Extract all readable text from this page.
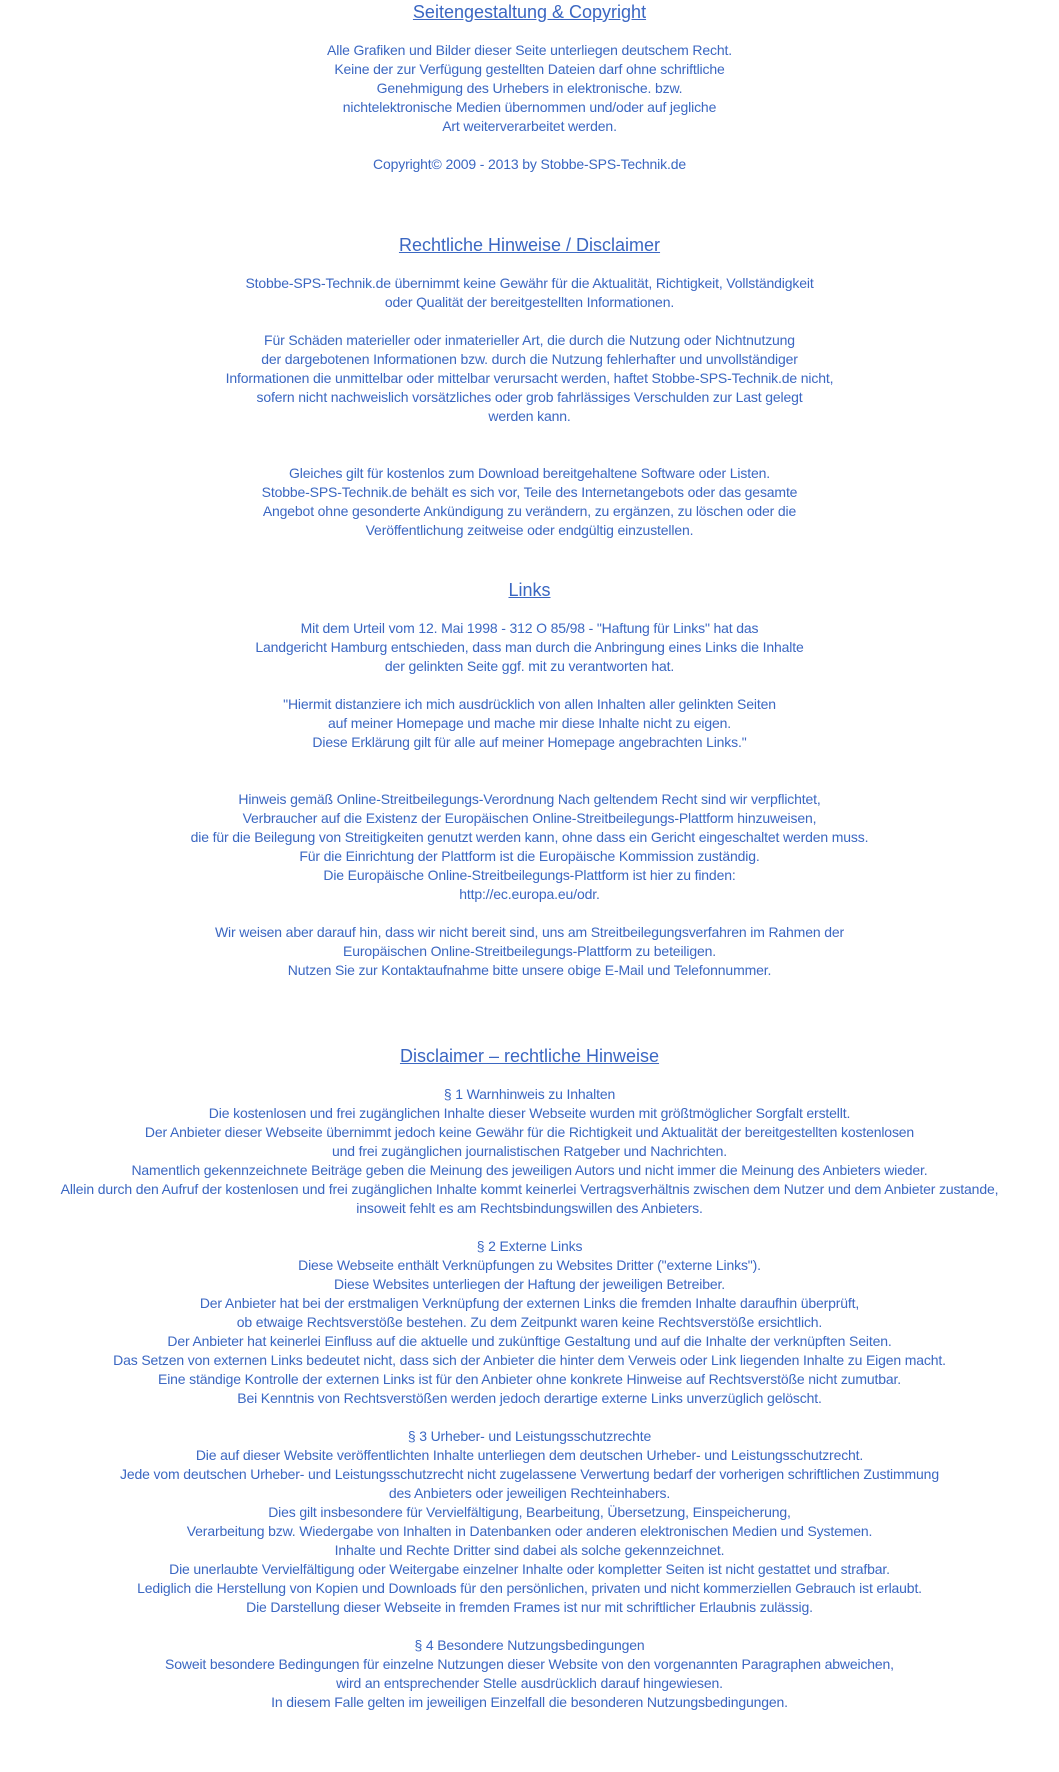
Seitengestaltung & Copyright
Alle Grafiken und Bilder dieser Seite unterliegen deutschem Recht.
Keine der zur Verfügung gestellten Dateien darf ohne schriftliche
Genehmigung des Urhebers in elektronische. bzw.
nichtelektronische Medien übernommen und/oder auf jegliche
Art weiterverarbeitet werden.
Copyright© 2009 - 2013 by Stobbe-SPS-Technik.de
Rechtliche Hinweise / Disclaimer
Stobbe-SPS-Technik.de übernimmt keine Gewähr für die Aktualität, Richtigkeit, Vollständigkeit
oder Qualität der bereitgestellten Informationen.
Für Schäden materieller oder inmaterieller Art, die durch die Nutzung oder Nichtnutzung
der dargebotenen Informationen bzw. durch die Nutzung fehlerhafter und unvollständiger
Informationen die unmittelbar oder mittelbar verursacht werden, haftet Stobbe-SPS-Technik.de nicht,
sofern nicht nachweislich vorsätzliches oder grob fahrlässiges Verschulden zur Last gelegt
werden kann.
Gleiches gilt für kostenlos zum Download bereitgehaltene Software oder Listen.
Stobbe-SPS-Technik.de behält es sich vor, Teile des Internetangebots oder das gesamte
Angebot ohne gesonderte Ankündigung zu verändern, zu ergänzen, zu löschen oder die
Veröffentlichung zeitweise oder endgültig einzustellen.
Links
Mit dem Urteil vom 12. Mai 1998 - 312 O 85/98 - "Haftung für Links" hat das
Landgericht Hamburg entschieden, dass man durch die Anbringung eines Links die Inhalte
der gelinkten Seite ggf. mit zu verantworten hat.
"Hiermit distanziere ich mich ausdrücklich von allen Inhalten aller gelinkten Seiten
auf meiner Homepage und mache mir diese Inhalte nicht zu eigen.
Diese Erklärung gilt für alle auf meiner Homepage angebrachten Links."
Hinweis gemäß Online-Streitbeilegungs-Verordnung Nach geltendem Recht sind wir verpflichtet,
Verbraucher auf die Existenz der Europäischen Online-Streitbeilegungs-Plattform hinzuweisen,
die für die Beilegung von Streitigkeiten genutzt werden kann, ohne dass ein Gericht eingeschaltet werden muss.
Für die Einrichtung der Plattform ist die Europäische Kommission zuständig.
Die Europäische Online-Streitbeilegungs-Plattform ist hier zu finden:
http://ec.europa.eu/odr.
Wir weisen aber darauf hin, dass wir nicht bereit sind, uns am Streitbeilegungsverfahren im Rahmen der
Europäischen Online-Streitbeilegungs-Plattform zu beteiligen.
Nutzen Sie zur Kontaktaufnahme bitte unsere obige E-Mail und Telefonnummer.
Disclaimer – rechtliche Hinweise
§ 1 Warnhinweis zu Inhalten
Die kostenlosen und frei zugänglichen Inhalte dieser Webseite wurden mit größtmöglicher Sorgfalt erstellt.
Der Anbieter dieser Webseite übernimmt jedoch keine Gewähr für die Richtigkeit und Aktualität der bereitgestellten kostenlosen
und frei zugänglichen journalistischen Ratgeber und Nachrichten.
Namentlich gekennzeichnete Beiträge geben die Meinung des jeweiligen Autors und nicht immer die Meinung des Anbieters wieder.
Allein durch den Aufruf der kostenlosen und frei zugänglichen Inhalte kommt keinerlei Vertragsverhältnis zwischen dem Nutzer und dem Anbieter zustande,
insoweit fehlt es am Rechtsbindungswillen des Anbieters.
§ 2 Externe Links
Diese Webseite enthält Verknüpfungen zu Websites Dritter ("externe Links").
Diese Websites unterliegen der Haftung der jeweiligen Betreiber.
Der Anbieter hat bei der erstmaligen Verknüpfung der externen Links die fremden Inhalte daraufhin überprüft,
ob etwaige Rechtsverstöße bestehen. Zu dem Zeitpunkt waren keine Rechtsverstöße ersichtlich.
Der Anbieter hat keinerlei Einfluss auf die aktuelle und zukünftige Gestaltung und auf die Inhalte der verknüpften Seiten.
Das Setzen von externen Links bedeutet nicht, dass sich der Anbieter die hinter dem Verweis oder Link liegenden Inhalte zu Eigen macht.
Eine ständige Kontrolle der externen Links ist für den Anbieter ohne konkrete Hinweise auf Rechtsverstöße nicht zumutbar.
Bei Kenntnis von Rechtsverstößen werden jedoch derartige externe Links unverzüglich gelöscht.
§ 3 Urheber- und Leistungsschutzrechte
Die auf dieser Website veröffentlichten Inhalte unterliegen dem deutschen Urheber- und Leistungsschutzrecht.
Jede vom deutschen Urheber- und Leistungsschutzrecht nicht zugelassene Verwertung bedarf der vorherigen schriftlichen Zustimmung
des Anbieters oder jeweiligen Rechteinhabers.
Dies gilt insbesondere für Vervielfältigung, Bearbeitung, Übersetzung, Einspeicherung,
Verarbeitung bzw. Wiedergabe von Inhalten in Datenbanken oder anderen elektronischen Medien und Systemen.
Inhalte und Rechte Dritter sind dabei als solche gekennzeichnet.
Die unerlaubte Vervielfältigung oder Weitergabe einzelner Inhalte oder kompletter Seiten ist nicht gestattet und strafbar.
Lediglich die Herstellung von Kopien und Downloads für den persönlichen, privaten und nicht kommerziellen Gebrauch ist erlaubt.
Die Darstellung dieser Webseite in fremden Frames ist nur mit schriftlicher Erlaubnis zulässig.
§ 4 Besondere Nutzungsbedingungen
Soweit besondere Bedingungen für einzelne Nutzungen dieser Website von den vorgenannten Paragraphen abweichen,
wird an entsprechender Stelle ausdrücklich darauf hingewiesen.
In diesem Falle gelten im jeweiligen Einzelfall die besonderen Nutzungsbedingungen.
